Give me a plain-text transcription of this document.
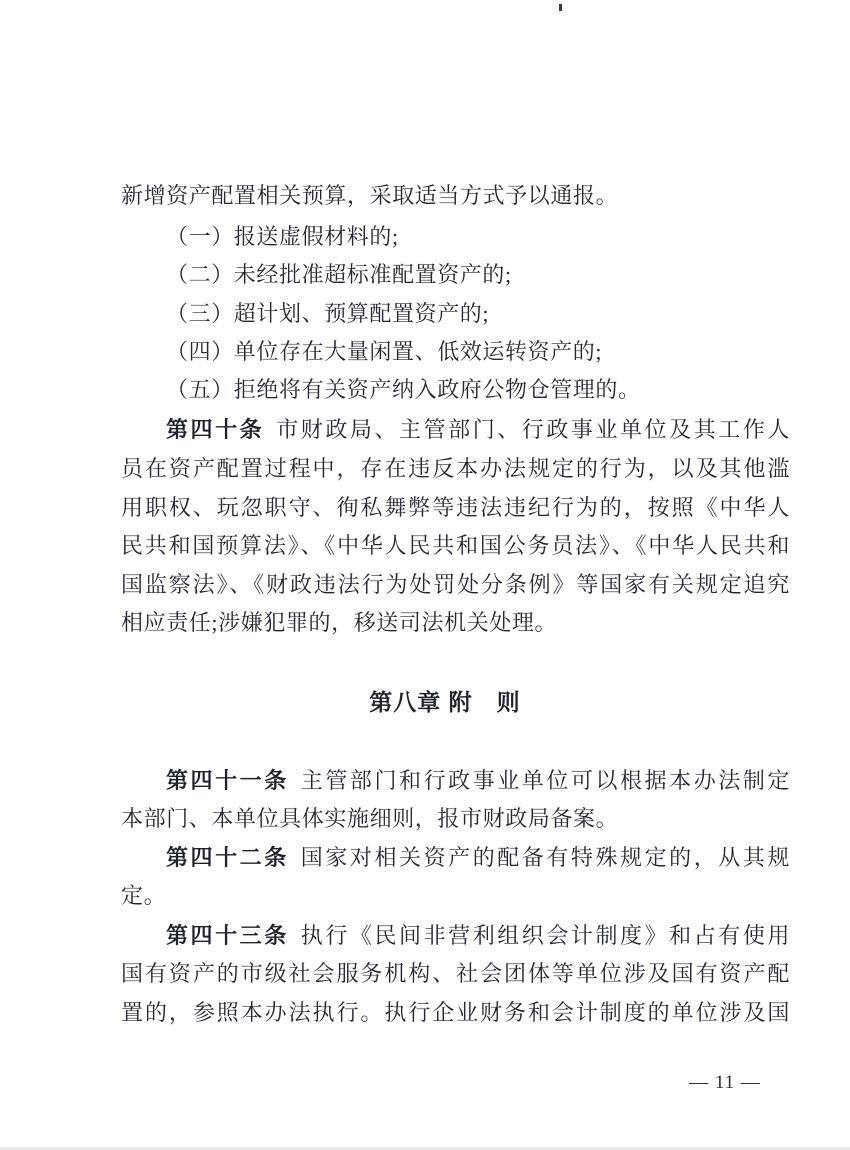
新增资产配置相关预算，采取适当方式予以通报。
（一）报送虚假材料的;
（二）未经批准超标准配置资产的;
（三）超计划、预算配置资产的;
（四）单位存在大量闲置、低效运转资产的;
（五）拒绝将有关资产纳入政府公物仓管理的。
第四十条 市财政局、主管部门、行政事业单位及其工作人
员在资产配置过程中，存在违反本办法规定的行为，以及其他滥
用职权、玩忽职守、徇私舞弊等违法违纪行为的，按照《中华人
民共和国预算法》、《中华人民共和国公务员法》、《中华人民共和
国监察法》、《财政违法行为处罚处分条例》等国家有关规定追究
相应责任;涉嫌犯罪的，移送司法机关处理。
第八章 附　则
第四十一条 主管部门和行政事业单位可以根据本办法制定
本部门、本单位具体实施细则，报市财政局备案。
第四十二条 国家对相关资产的配备有特殊规定的，从其规
定。
第四十三条 执行《民间非营利组织会计制度》和占有使用
国有资产的市级社会服务机构、社会团体等单位涉及国有资产配
置的，参照本办法执行。执行企业财务和会计制度的单位涉及国
— 11 —
